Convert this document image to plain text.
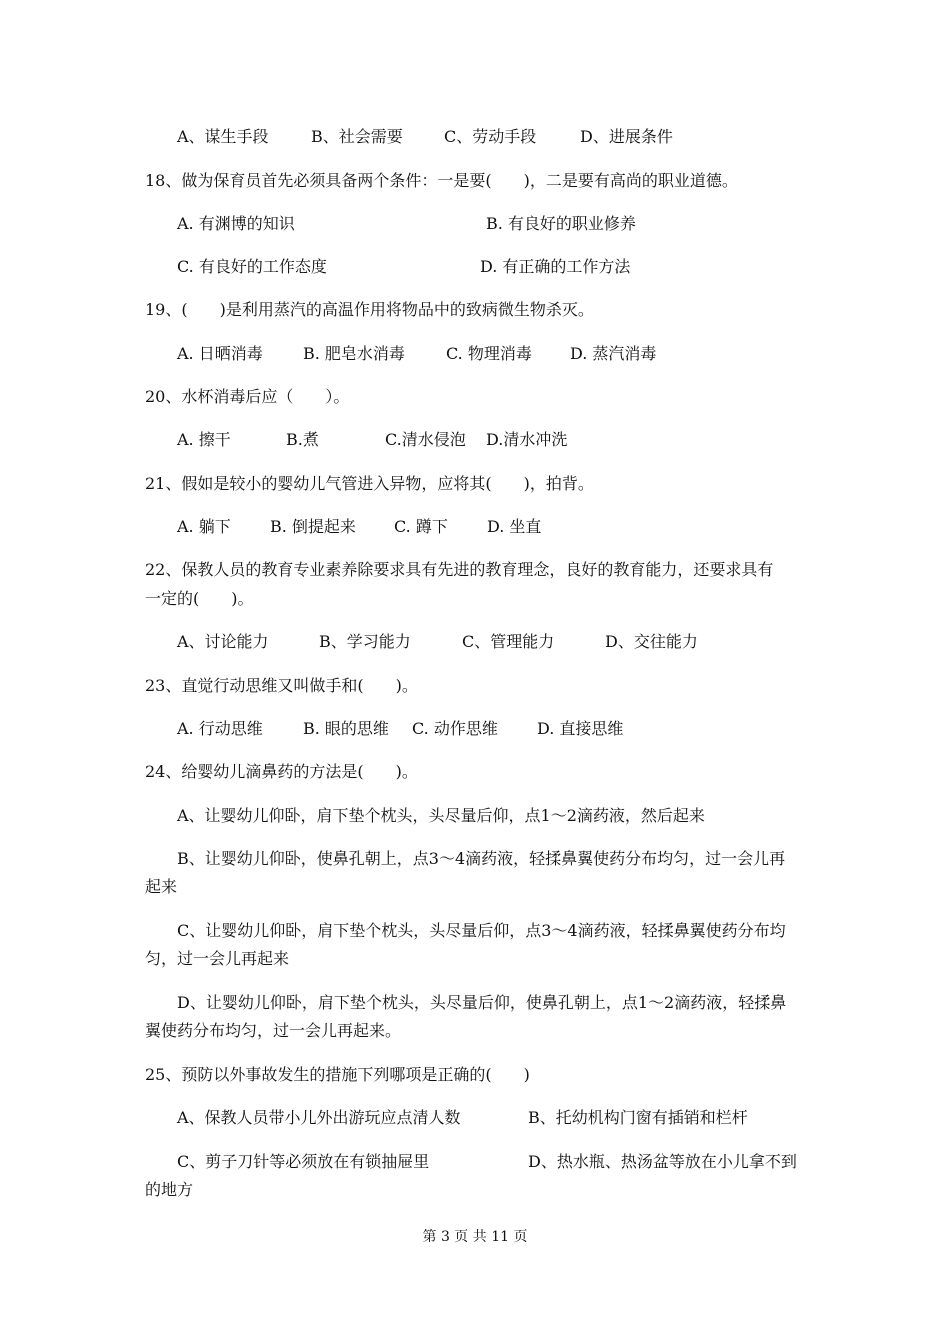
A、谋生手段	B、社会需要	C、劳动手段	D、进展条件
18、做为保育员首先必须具备两个条件：一是要(　　)，二是要有高尚的职业道德。
A. 有渊博的知识	B. 有良好的职业修养
C. 有良好的工作态度	D. 有正确的工作方法
19、(　　)是利用蒸汽的高温作用将物品中的致病微生物杀灭。
A. 日晒消毒	B. 肥皂水消毒	C. 物理消毒 D. 蒸汽消毒
20、水杯消毒后应（　　）。
A. 擦干	B.煮	C.清水侵泡 D.清水冲洗
21、假如是较小的婴幼儿气管进入异物，应将其(　　)，拍背。
A. 躺下 B. 倒提起来 C. 蹲下 D. 坐直
22、保教人员的教育专业素养除要求具有先进的教育理念，良好的教育能力，还要求具有
一定的(　　)。
A、讨论能力	B、学习能力	C、管理能力	D、交往能力
23、直觉行动思维又叫做手和(　　)。
A. 行动思维	B. 眼的思维 C. 动作思维 D. 直接思维
24、给婴幼儿滴鼻药的方法是(　　)。
A、让婴幼儿仰卧，肩下垫个枕头，头尽量后仰，点1～2滴药液，然后起来
B、让婴幼儿仰卧，使鼻孔朝上，点3～4滴药液，轻揉鼻翼使药分布均匀，过一会儿再
起来
C、让婴幼儿仰卧，肩下垫个枕头，头尽量后仰，点3～4滴药液，轻揉鼻翼使药分布均
匀，过一会儿再起来
D、让婴幼儿仰卧，肩下垫个枕头，头尽量后仰，使鼻孔朝上，点1～2滴药液，轻揉鼻
翼使药分布均匀，过一会儿再起来。
25、预防以外事故发生的措施下列哪项是正确的(　　)
A、保教人员带小儿外出游玩应点清人数	B、托幼机构门窗有插销和栏杆
C、剪子刀针等必须放在有锁抽屉里	D、热水瓶、热汤盆等放在小儿拿不到
的地方
第 3 页 共 11 页
